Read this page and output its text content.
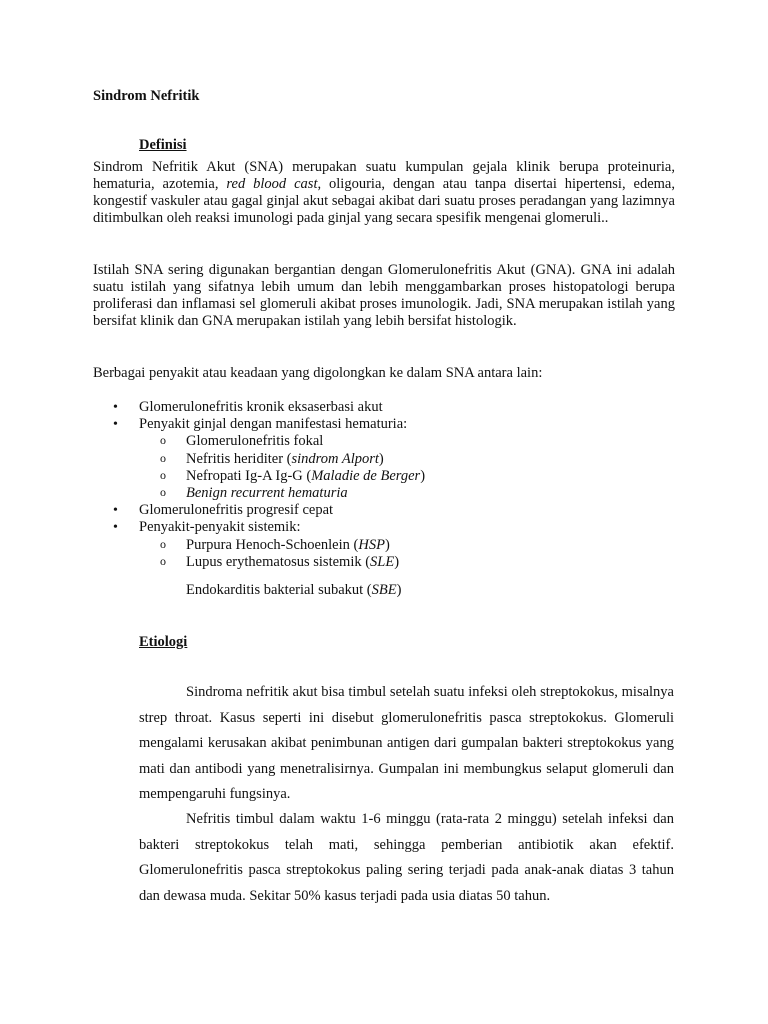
Sindrom Nefritik
Definisi

Sindrom Nefritik Akut (SNA) merupakan suatu kumpulan gejala klinik berupa proteinuria, hematuria, azotemia, red blood cast, oligouria, dengan atau tanpa disertai hipertensi, edema, kongestif vaskuler atau gagal ginjal akut sebagai akibat dari suatu proses peradangan yang lazimnya ditimbulkan oleh reaksi imunologi pada ginjal yang secara spesifik mengenai glomeruli..

Istilah SNA sering digunakan bergantian dengan Glomerulonefritis Akut (GNA). GNA ini adalah suatu istilah yang sifatnya lebih umum dan lebih menggambarkan proses histopatologi berupa proliferasi dan inflamasi sel glomeruli akibat proses imunologik. Jadi, SNA merupakan istilah yang bersifat klinik dan GNA merupakan istilah yang lebih bersifat histologik.

Berbagai penyakit atau keadaan yang digolongkan ke dalam SNA antara lain:

• Glomerulonefritis kronik eksaserbasi akut
• Penyakit ginjal dengan manifestasi hematuria:
o Glomerulonefritis fokal
o Nefritis heriditer (sindrom Alport)
o Nefropati Ig-A Ig-G (Maladie de Berger)
o Benign recurrent hematuria
• Glomerulonefritis progresif cepat
• Penyakit-penyakit sistemik:
o Purpura Henoch-Schoenlein (HSP)
o Lupus erythematosus sistemik (SLE)

Endokarditis bakterial subakut (SBE)

Etiologi

Sindroma nefritik akut bisa timbul setelah suatu infeksi oleh streptokokus, misalnya strep throat. Kasus seperti ini disebut glomerulonefritis pasca streptokokus. Glomeruli mengalami kerusakan akibat penimbunan antigen dari gumpalan bakteri streptokokus yang mati dan antibodi yang menetralisirnya. Gumpalan ini membungkus selaput glomeruli dan mempengaruhi fungsinya.

Nefritis timbul dalam waktu 1-6 minggu (rata-rata 2 minggu) setelah infeksi dan bakteri streptokokus telah mati, sehingga pemberian antibiotik akan efektif. Glomerulonefritis pasca streptokokus paling sering terjadi pada anak-anak diatas 3 tahun dan dewasa muda. Sekitar 50% kasus terjadi pada usia diatas 50 tahun.
